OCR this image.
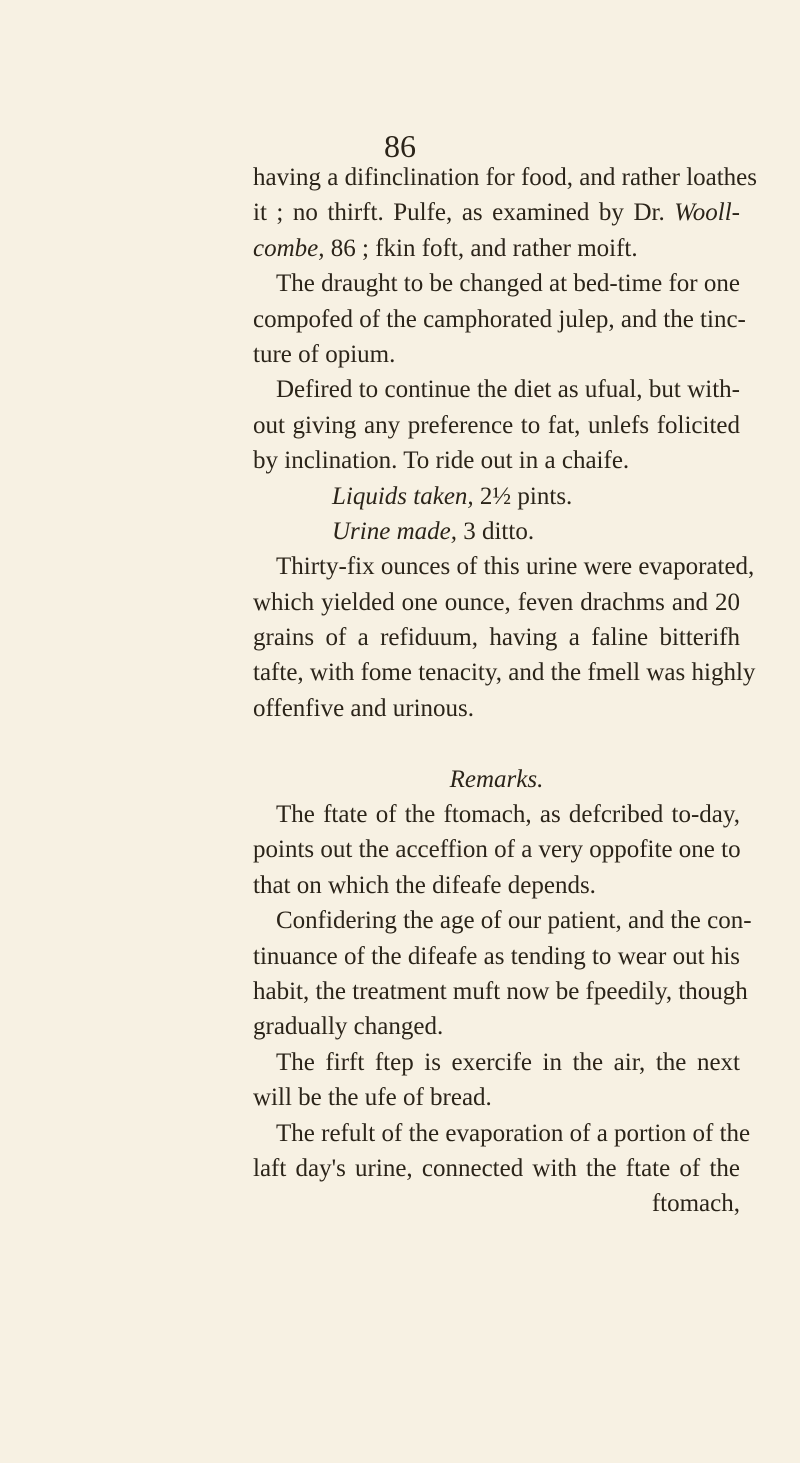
86
having a difinclination for food, and rather loathes
it ; no thirft. Pulfe, as examined by Dr. Wooll-
combe, 86 ; fkin foft, and rather moift.
The draught to be changed at bed-time for one
compofed of the camphorated julep, and the tinc-
ture of opium.
Defired to continue the diet as ufual, but with-
out giving any preference to fat, unlefs folicited
by inclination. To ride out in a chaife.
Liquids taken, 2½ pints.
Urine made, 3 ditto.
Thirty-fix ounces of this urine were evaporated,
which yielded one ounce, feven drachms and 20
grains of a refiduum, having a faline bitterifh
tafte, with fome tenacity, and the fmell was highly
offenfive and urinous.
Remarks.
The ftate of the ftomach, as defcribed to-day,
points out the acceffion of a very oppofite one to
that on which the difeafe depends.
Confidering the age of our patient, and the con-
tinuance of the difeafe as tending to wear out his
habit, the treatment muft now be fpeedily, though
gradually changed.
The firft ftep is exercife in the air, the next
will be the ufe of bread.
The refult of the evaporation of a portion of the
laft day's urine, connected with the ftate of the
ftomach,
